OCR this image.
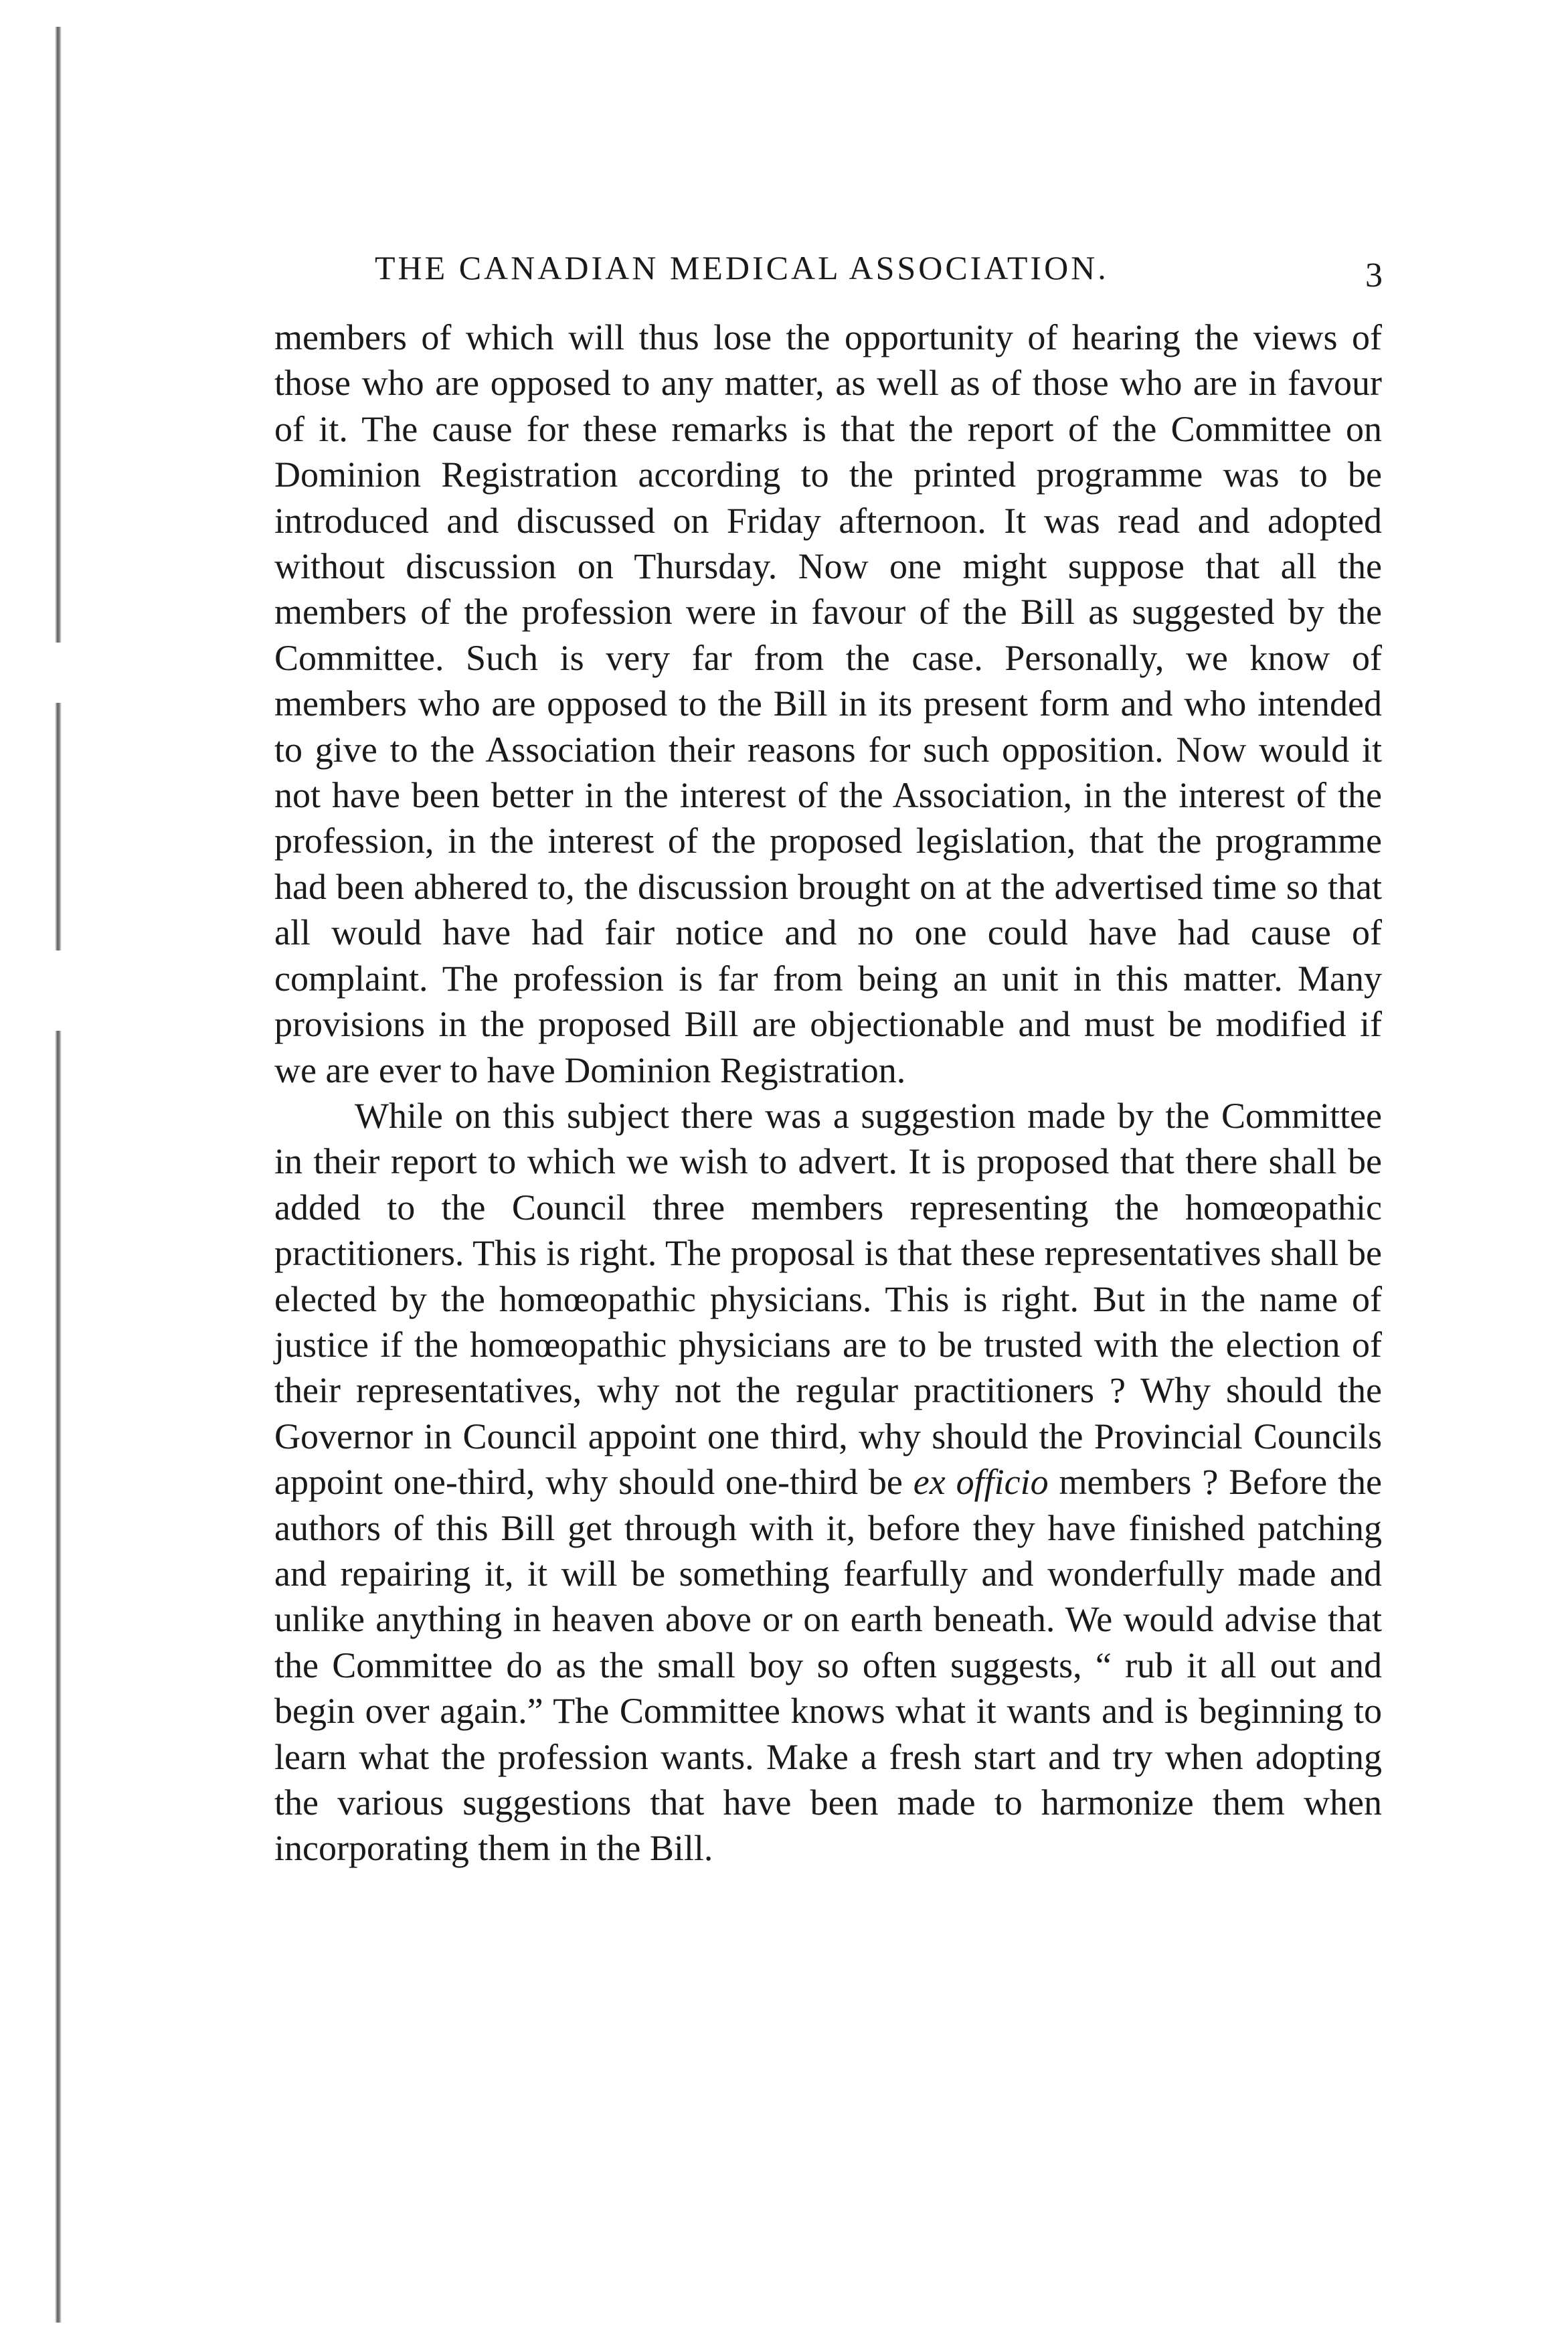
THE CANADIAN MEDICAL ASSOCIATION.	3

members of which will thus lose the opportunity of hearing the views of those who are opposed to any matter, as well as of those who are in favour of it. The cause for these remarks is that the report of the Committee on Dominion Registration according to the printed programme was to be introduced and discussed on Friday afternoon. It was read and adopted without discussion on Thursday. Now one might suppose that all the members of the profession were in favour of the Bill as suggested by the Committee. Such is very far from the case. Personally, we know of members who are opposed to the Bill in its present form and who intended to give to the Association their reasons for such opposition. Now would it not have been better in the interest of the Association, in the interest of the profession, in the interest of the proposed legislation, that the programme had been abhered to, the discussion brought on at the advertised time so that all would have had fair notice and no one could have had cause of complaint. The profession is far from being an unit in this matter. Many provisions in the proposed Bill are objectionable and must be modified if we are ever to have Dominion Registration.

While on this subject there was a suggestion made by the Committee in their report to which we wish to advert. It is proposed that there shall be added to the Council three members representing the homœopathic practitioners. This is right. The proposal is that these representatives shall be elected by the homœopathic physicians. This is right. But in the name of justice if the homœopathic physicians are to be trusted with the election of their representatives, why not the regular practitioners ? Why should the Governor in Council appoint one third, why should the Provincial Councils appoint one-third, why should one-third be ex officio members ? Before the authors of this Bill get through with it, before they have finished patching and repairing it, it will be something fearfully and wonderfully made and unlike anything in heaven above or on earth beneath. We would advise that the Committee do as the small boy so often suggests, “ rub it all out and begin over again.” The Committee knows what it wants and is beginning to learn what the profession wants. Make a fresh start and try when adopting the various suggestions that have been made to harmonize them when incorporating them in the Bill.
